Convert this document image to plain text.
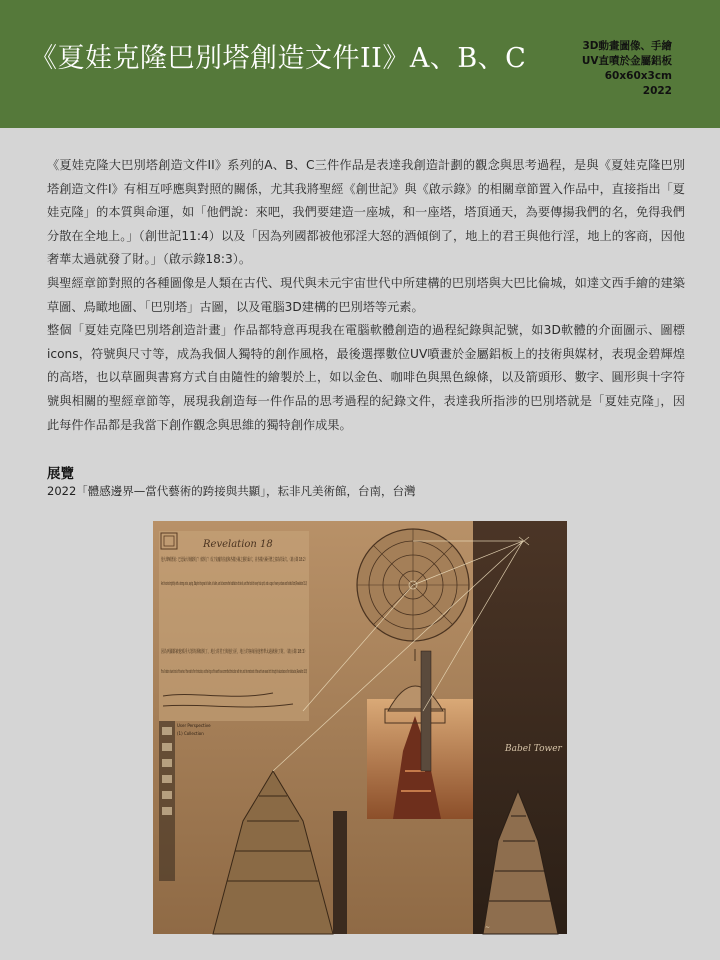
《夏娃克隆巴別塔創造文件II》A、B、C	3D動畫圖像、手繪
UV直噴於金屬鋁板
60x60x3cm
2022

《夏娃克隆大巴別塔創造文件II》系列的A、B、C三件作品是表達我創造計劃的觀念與思考過程，是與《夏娃克隆巴別塔創造文件I》有相互呼應與對照的關係，尤其我將聖經《創世記》與《啟示錄》的相關章節置入作品中，直接指出「夏娃克隆」的本質與命運，如「他們說：來吧，我們要建造一座城，和一座塔，塔頂通天，為要傳揚我們的名，免得我們分散在全地上。」（創世記11:4）以及「因為列國都被他邪淫大怒的酒傾倒了，地上的君王與他行淫，地上的客商，因他奢華太過就發了財。」（啟示錄18:3）。

與聖經章節對照的各種圖像是人類在古代、現代與未元宇宙世代中所建構的巴別塔與大巴比倫城，如達文西手繪的建築草圖、鳥瞰地圖、「巴別塔」古圖，以及電腦3D建構的巴別塔等元素。

整個「夏娃克隆巴別塔創造計畫」作品都特意再現我在電腦軟體創造的過程紀錄與記號，如3D軟體的介面圖示、圖標icons，符號與尺寸等，成為我個人獨特的創作風格，最後選擇數位UV噴畫於金屬鋁板上的技術與媒材，表現金碧輝煌的高塔，也以草圖與書寫方式自由隨性的繪製於上，如以金色、咖啡色與黑色線條，以及箭頭形、數字、圓形與十字符號與相關的聖經章節等，展現我創造每一件作品的思考過程的紀錄文件，表達我所指涉的巴別塔就是「夏娃克隆」，因此每件作品都是我當下創作觀念與思維的獨特創作成果。

展覽
2022「體感邊界—當代藝術的跨接與共顯」，耘非凡美術館，台南，台灣
Revelation 18
And he cried mightily with a strong voice, saying, Babylon the great is fallen, is fallen, and is become the habitation of devils, and the hold of every foul spirit, and a cage of every unclean and hateful bird.(Revelation 18:2)
因為列國都被他邪淫大怒的酒傾倒了，地上的君王與他行淫，地上的客商因他奢華太過就發了財。（啟示錄 18:3）
For all nations have drunk of the wine of the wrath of her fornication, and the kings of the earth have committed fornication with her, and the merchants of the earth are waxed rich through the abundance of her delicacies.(Revelation 18:3)
User Perspective
(1) Collection
Babel Tower
~
